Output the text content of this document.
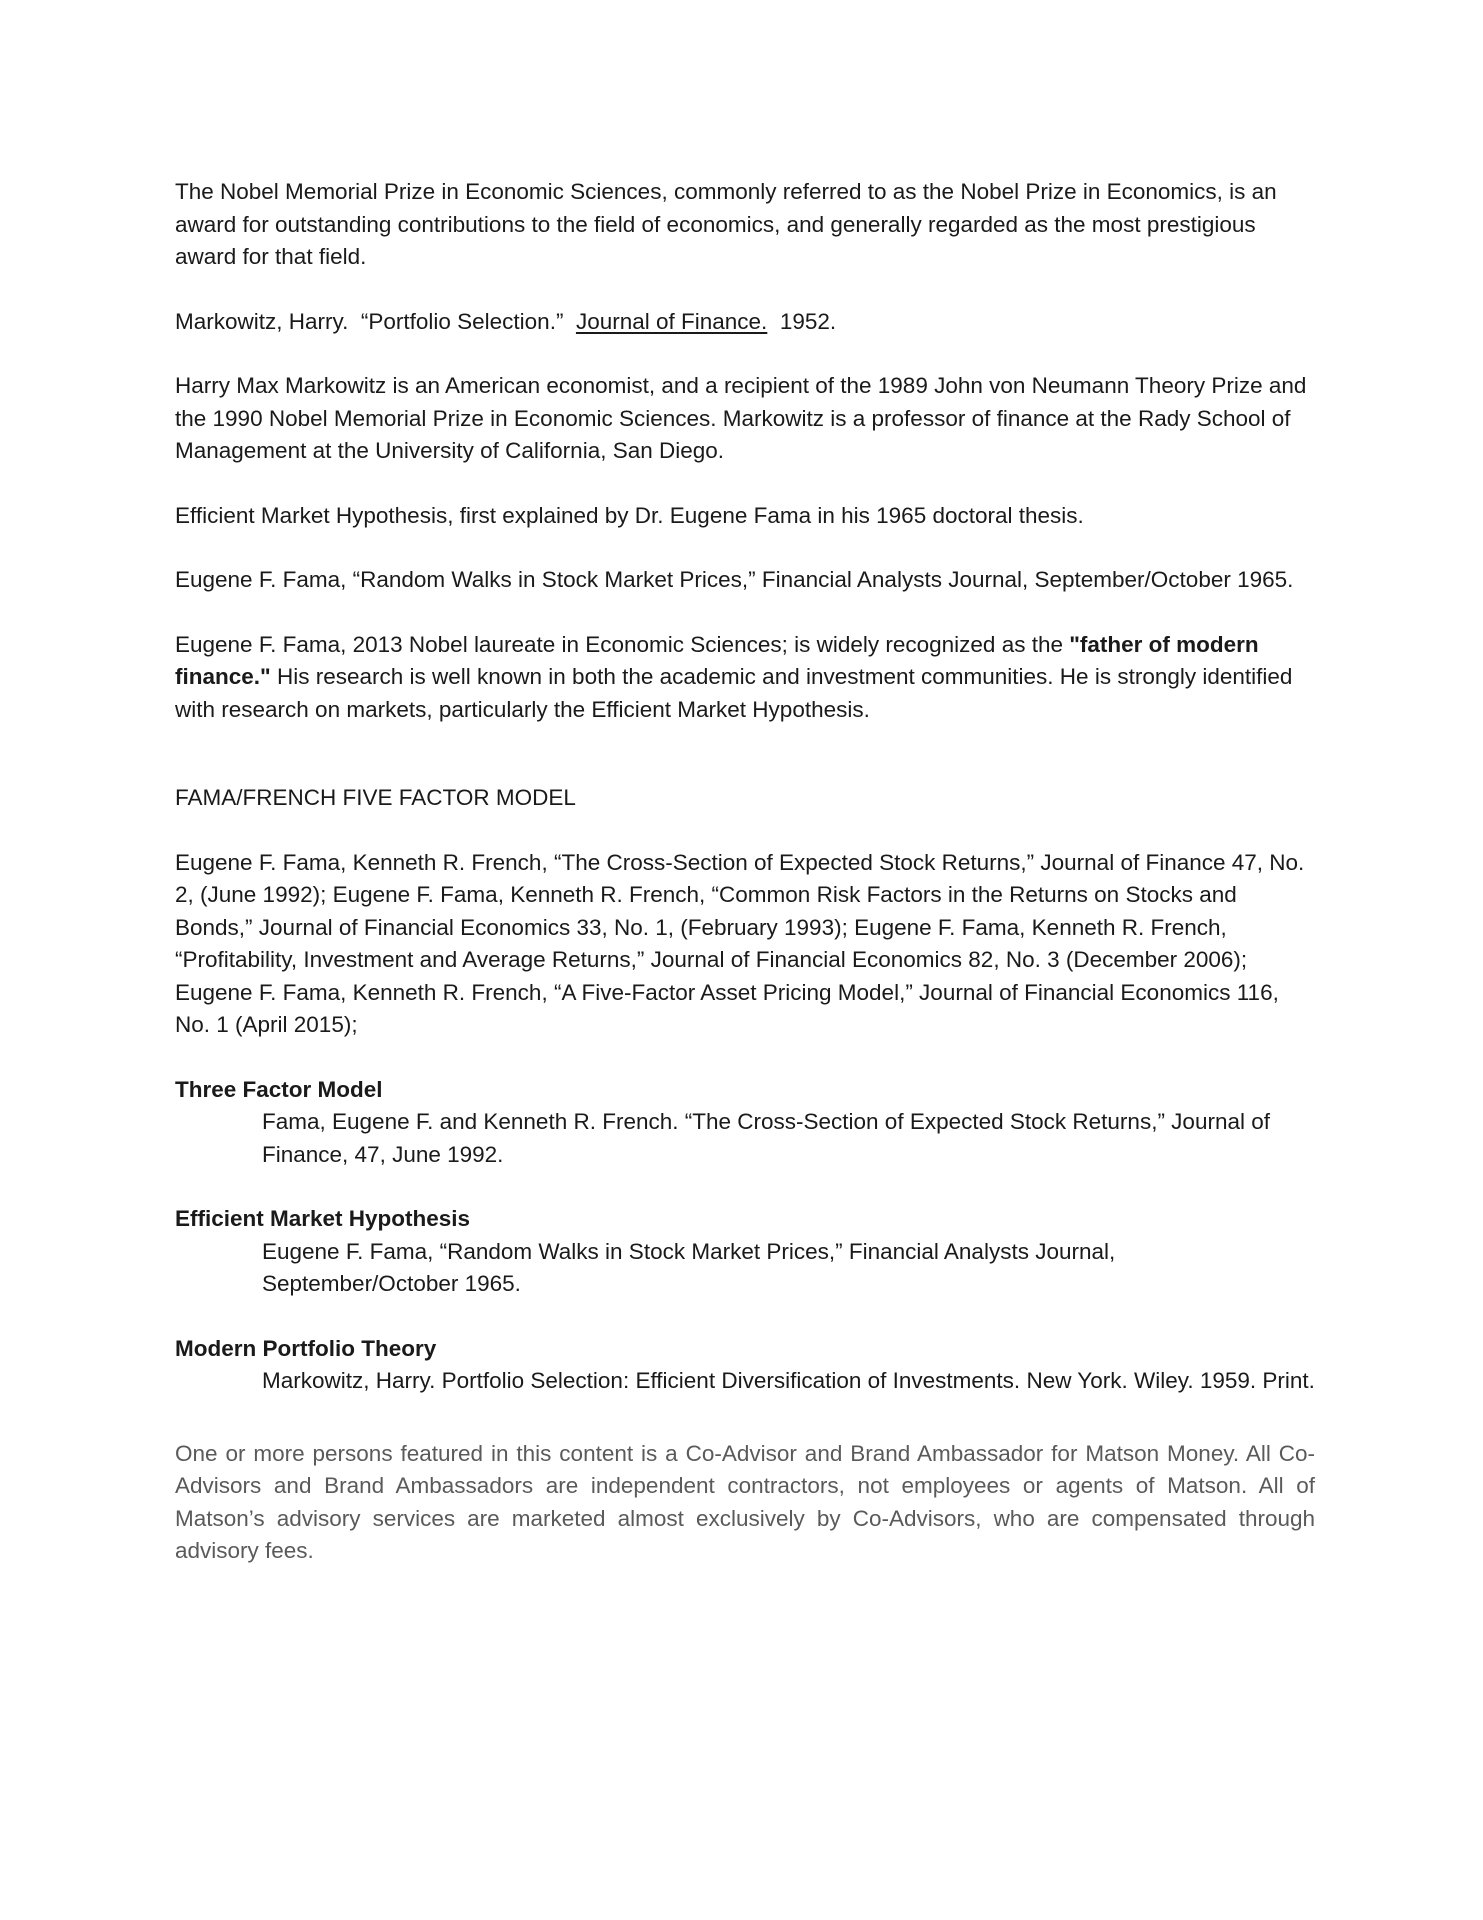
The Nobel Memorial Prize in Economic Sciences, commonly referred to as the Nobel Prize in Economics, is an award for outstanding contributions to the field of economics, and generally regarded as the most prestigious award for that field.

Markowitz, Harry.  “Portfolio Selection.”  Journal of Finance.  1952.

Harry Max Markowitz is an American economist, and a recipient of the 1989 John von Neumann Theory Prize and the 1990 Nobel Memorial Prize in Economic Sciences. Markowitz is a professor of finance at the Rady School of Management at the University of California, San Diego.

Efficient Market Hypothesis, first explained by Dr. Eugene Fama in his 1965 doctoral thesis.

Eugene F. Fama, “Random Walks in Stock Market Prices,” Financial Analysts Journal, September/October 1965.

Eugene F. Fama, 2013 Nobel laureate in Economic Sciences; is widely recognized as the "father of modern finance." His research is well known in both the academic and investment communities. He is strongly identified with research on markets, particularly the Efficient Market Hypothesis.

FAMA/FRENCH FIVE FACTOR MODEL

Eugene F. Fama, Kenneth R. French, “The Cross-Section of Expected Stock Returns,” Journal of Finance 47, No. 2, (June 1992); Eugene F. Fama, Kenneth R. French, “Common Risk Factors in the Returns on Stocks and Bonds,” Journal of Financial Economics 33, No. 1, (February 1993); Eugene F. Fama, Kenneth R. French, “Profitability, Investment and Average Returns,” Journal of Financial Economics 82, No. 3 (December 2006); Eugene F. Fama, Kenneth R. French, “A Five-Factor Asset Pricing Model,” Journal of Financial Economics 116, No. 1 (April 2015);

Three Factor Model

Fama, Eugene F. and Kenneth R. French. “The Cross-Section of Expected Stock Returns,” Journal of Finance, 47, June 1992.

Efficient Market Hypothesis

Eugene F. Fama, “Random Walks in Stock Market Prices,” Financial Analysts Journal, September/October 1965.

Modern Portfolio Theory

Markowitz, Harry. Portfolio Selection: Efficient Diversification of Investments. New York. Wiley. 1959. Print.

One or more persons featured in this content is a Co-Advisor and Brand Ambassador for Matson Money. All Co-Advisors and Brand Ambassadors are independent contractors, not employees or agents of Matson. All of Matson’s advisory services are marketed almost exclusively by Co-Advisors, who are compensated through advisory fees.
